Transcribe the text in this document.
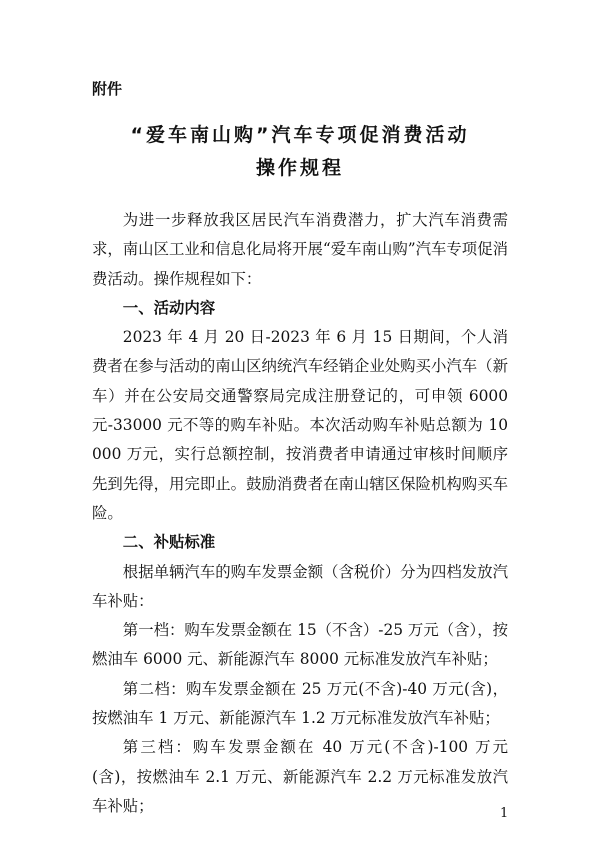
附件
“爱车南山购”汽车专项促消费活动
操作规程

为进一步释放我区居民汽车消费潜力，扩大汽车消费需求，南山区工业和信息化局将开展“爱车南山购”汽车专项促消费活动。操作规程如下：

一、活动内容

2023 年 4 月 20 日-2023 年 6 月 15 日期间，个人消费者在参与活动的南山区纳统汽车经销企业处购买小汽车（新车）并在公安局交通警察局完成注册登记的，可申领 6000 元-33000 元不等的购车补贴。本次活动购车补贴总额为 10000 万元，实行总额控制，按消费者申请通过审核时间顺序先到先得，用完即止。鼓励消费者在南山辖区保险机构购买车险。

二、补贴标准

根据单辆汽车的购车发票金额（含税价）分为四档发放汽车补贴：

第一档：购车发票金额在 15（不含）-25 万元（含），按燃油车 6000 元、新能源汽车 8000 元标准发放汽车补贴；

第二档：购车发票金额在 25 万元(不含)-40 万元(含)，按燃油车 1 万元、新能源汽车 1.2 万元标准发放汽车补贴；

第三档：购车发票金额在 40 万元(不含)-100 万元(含)，按燃油车 2.1 万元、新能源汽车 2.2 万元标准发放汽车补贴；	1
